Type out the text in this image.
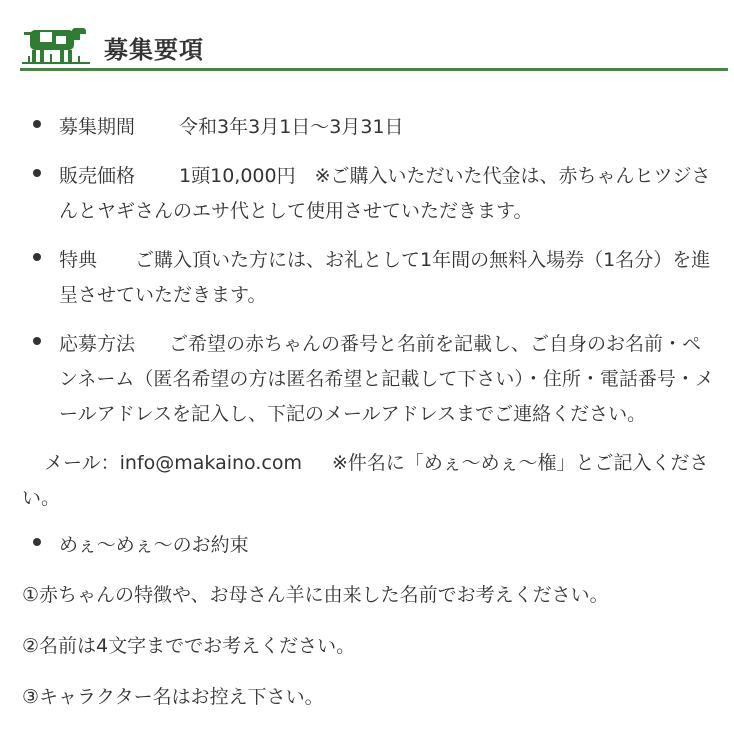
募集要項
募集期間 令和3年3月1日〜3月31日
販売価格 1頭10,000円　※ご購入いただいた代金は、赤ちゃんヒツジさんとヤギさんのエサ代として使用させていただきます。
特典 ご購入頂いた方には、お礼として1年間の無料入場券（1名分）を進呈させていただきます。
応募方法 ご希望の赤ちゃんの番号と名前を記載し、ご自身のお名前・ペンネーム（匿名希望の方は匿名希望と記載して下さい）・住所・電話番号・メールアドレスを記入し、下記のメールアドレスまでご連絡ください。
メール：info@makaino.com ※件名に「めぇ〜めぇ〜権」とご記入ください。
めぇ〜めぇ〜のお約束
①赤ちゃんの特徴や、お母さん羊に由来した名前でお考えください。
②名前は4文字まででお考えください。
③キャラクター名はお控え下さい。
